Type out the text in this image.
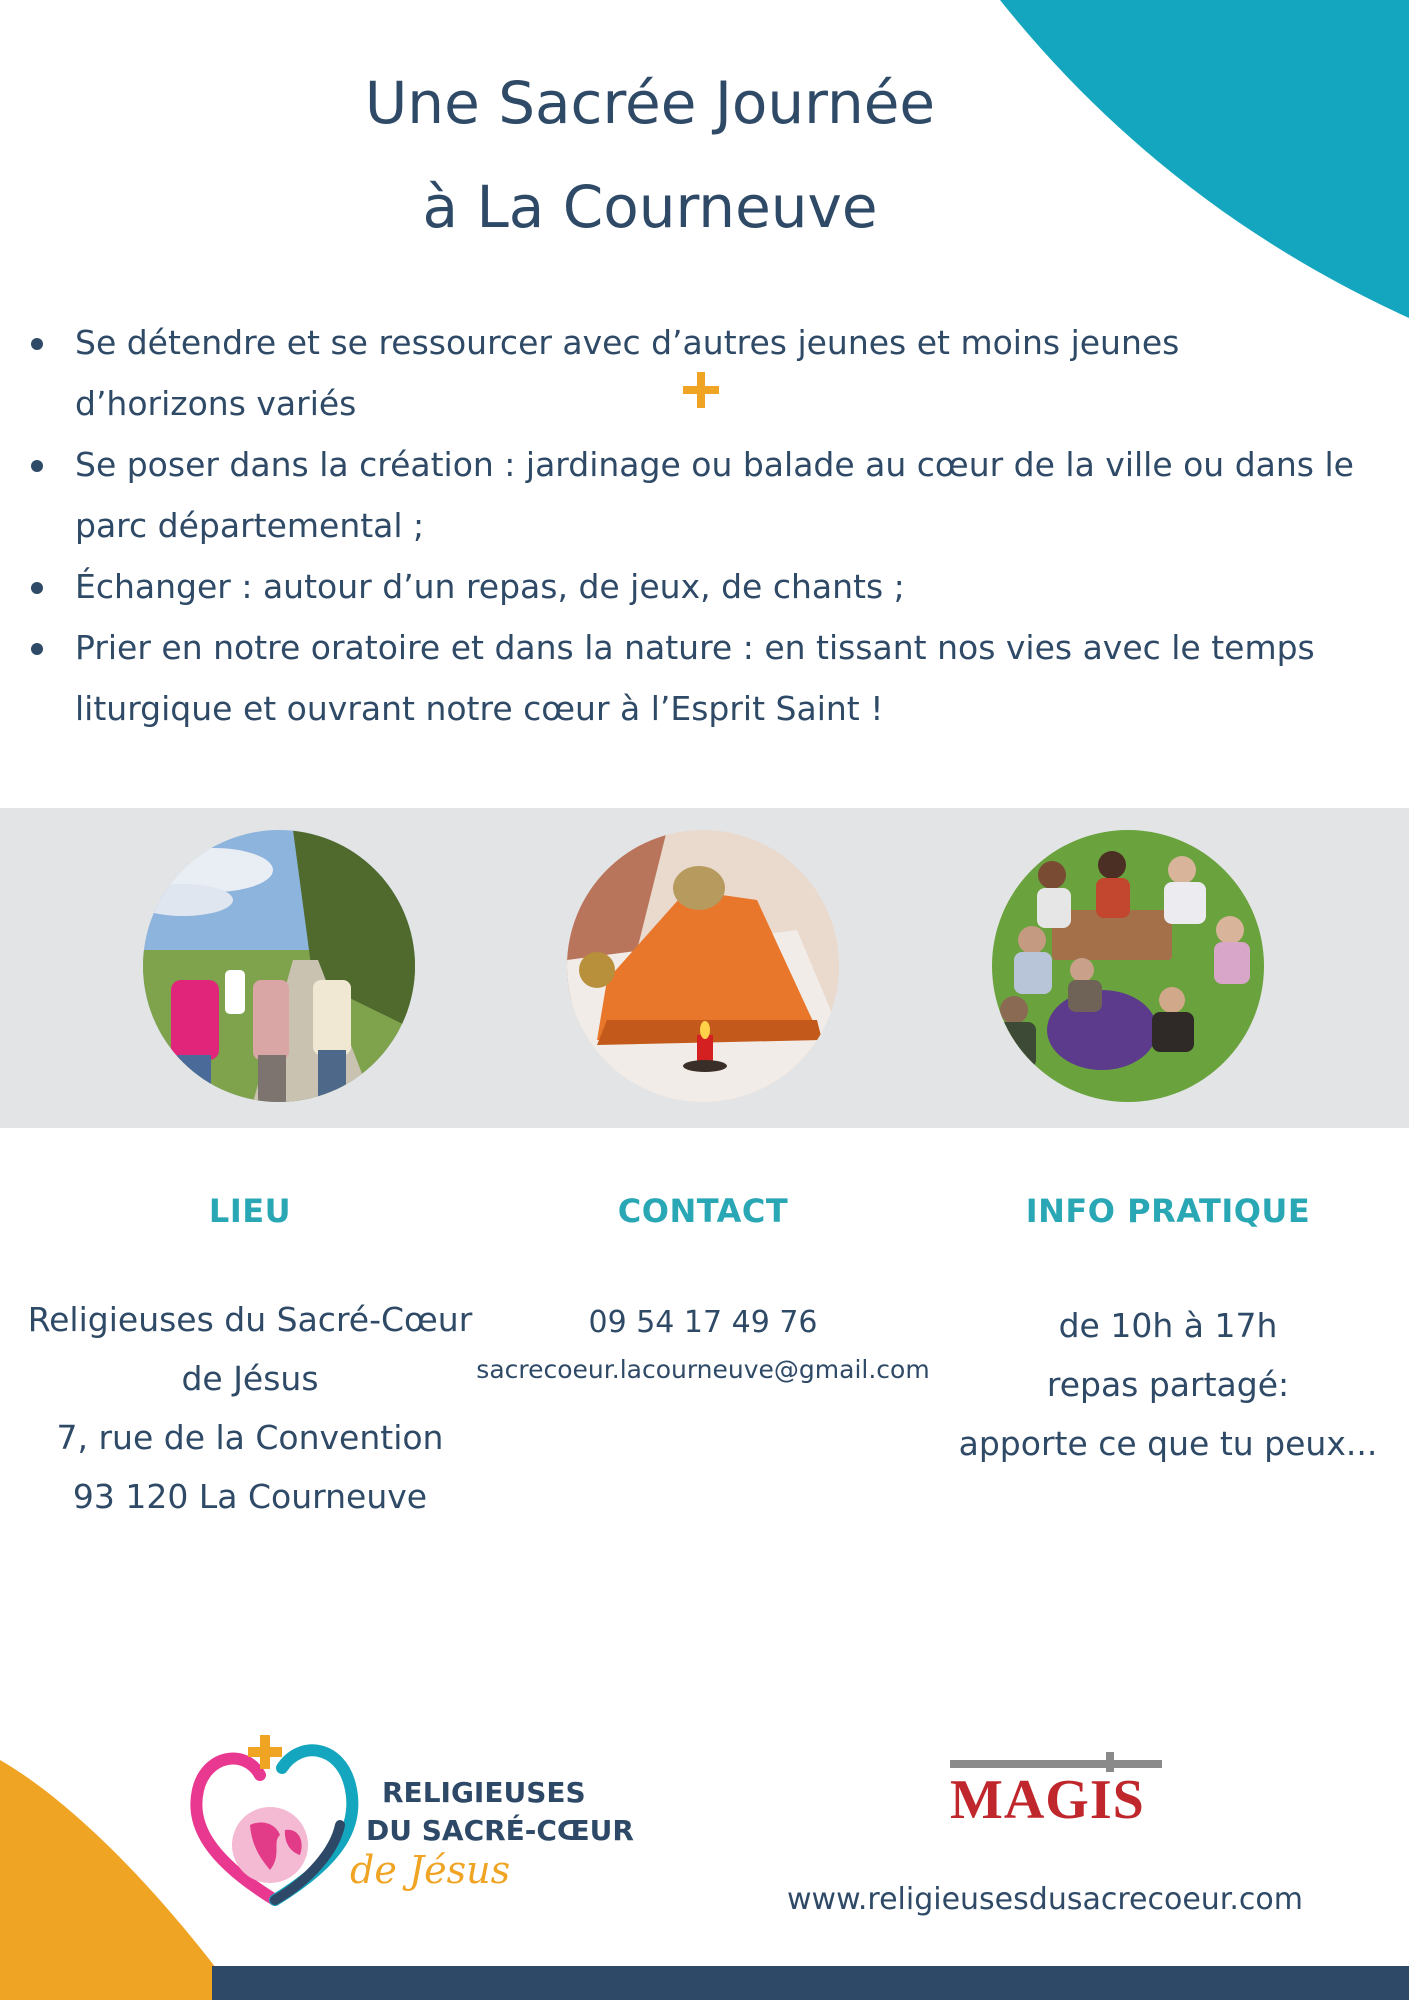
Une Sacrée Journée
à La Courneuve
Se détendre et se ressourcer avec d’autres jeunes et moins jeunes
d’horizons variés
Se poser dans la création : jardinage ou balade au cœur de la ville ou dans le
parc départemental ;
Échanger : autour d’un repas, de jeux, de chants ;
Prier en notre oratoire et dans la nature : en tissant nos vies avec le temps
liturgique et ouvrant notre cœur à l’Esprit Saint !
LIEU	CONTACT	INFO PRATIQUE
Religieuses du Sacré-Cœur
de Jésus
7, rue de la Convention
93 120 La Courneuve
09 54 17 49 76
sacrecoeur.lacourneuve@gmail.com
de 10h à 17h
repas partagé:
apporte ce que tu peux...
RELIGIEUSES
DU SACRÉ-CŒUR
de Jésus
MAGIS
www.religieusesdusacrecoeur.com
